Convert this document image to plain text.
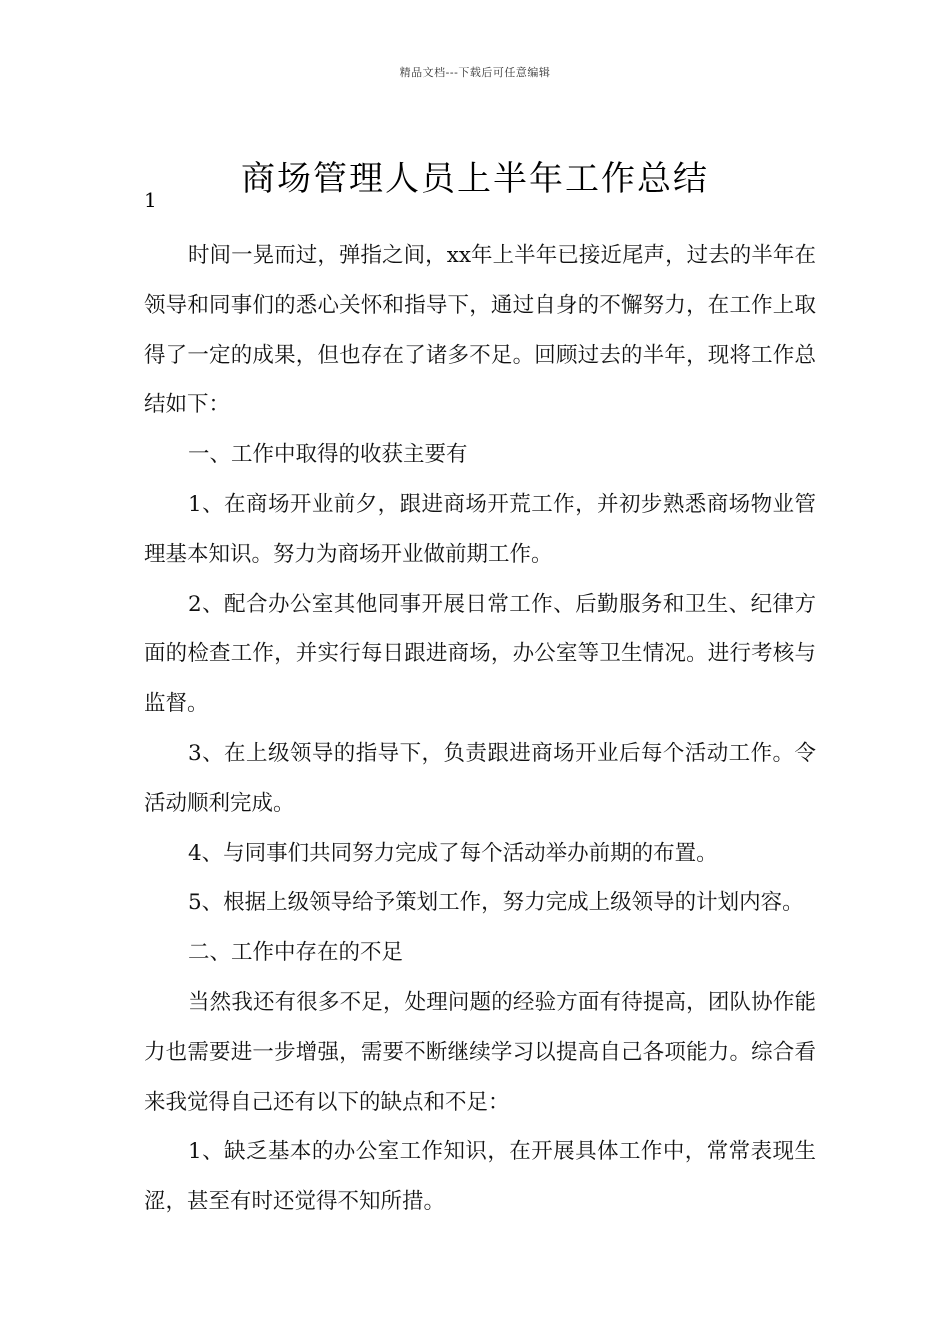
精品文档---下载后可任意编辑
商场管理人员上半年工作总结
1

时间一晃而过，弹指之间，xx年上半年已接近尾声，过去的半年在领导和同事们的悉心关怀和指导下，通过自身的不懈努力，在工作上取得了一定的成果，但也存在了诸多不足。回顾过去的半年，现将工作总结如下：

一、工作中取得的收获主要有

1、在商场开业前夕，跟进商场开荒工作，并初步熟悉商场物业管理基本知识。努力为商场开业做前期工作。

2、配合办公室其他同事开展日常工作、后勤服务和卫生、纪律方面的检查工作，并实行每日跟进商场，办公室等卫生情况。进行考核与监督。

3、在上级领导的指导下，负责跟进商场开业后每个活动工作。令活动顺利完成。

4、与同事们共同努力完成了每个活动举办前期的布置。

5、根据上级领导给予策划工作，努力完成上级领导的计划内容。

二、工作中存在的不足

当然我还有很多不足，处理问题的经验方面有待提高，团队协作能力也需要进一步增强，需要不断继续学习以提高自己各项能力。综合看来我觉得自己还有以下的缺点和不足：

1、缺乏基本的办公室工作知识，在开展具体工作中，常常表现生涩，甚至有时还觉得不知所措。
